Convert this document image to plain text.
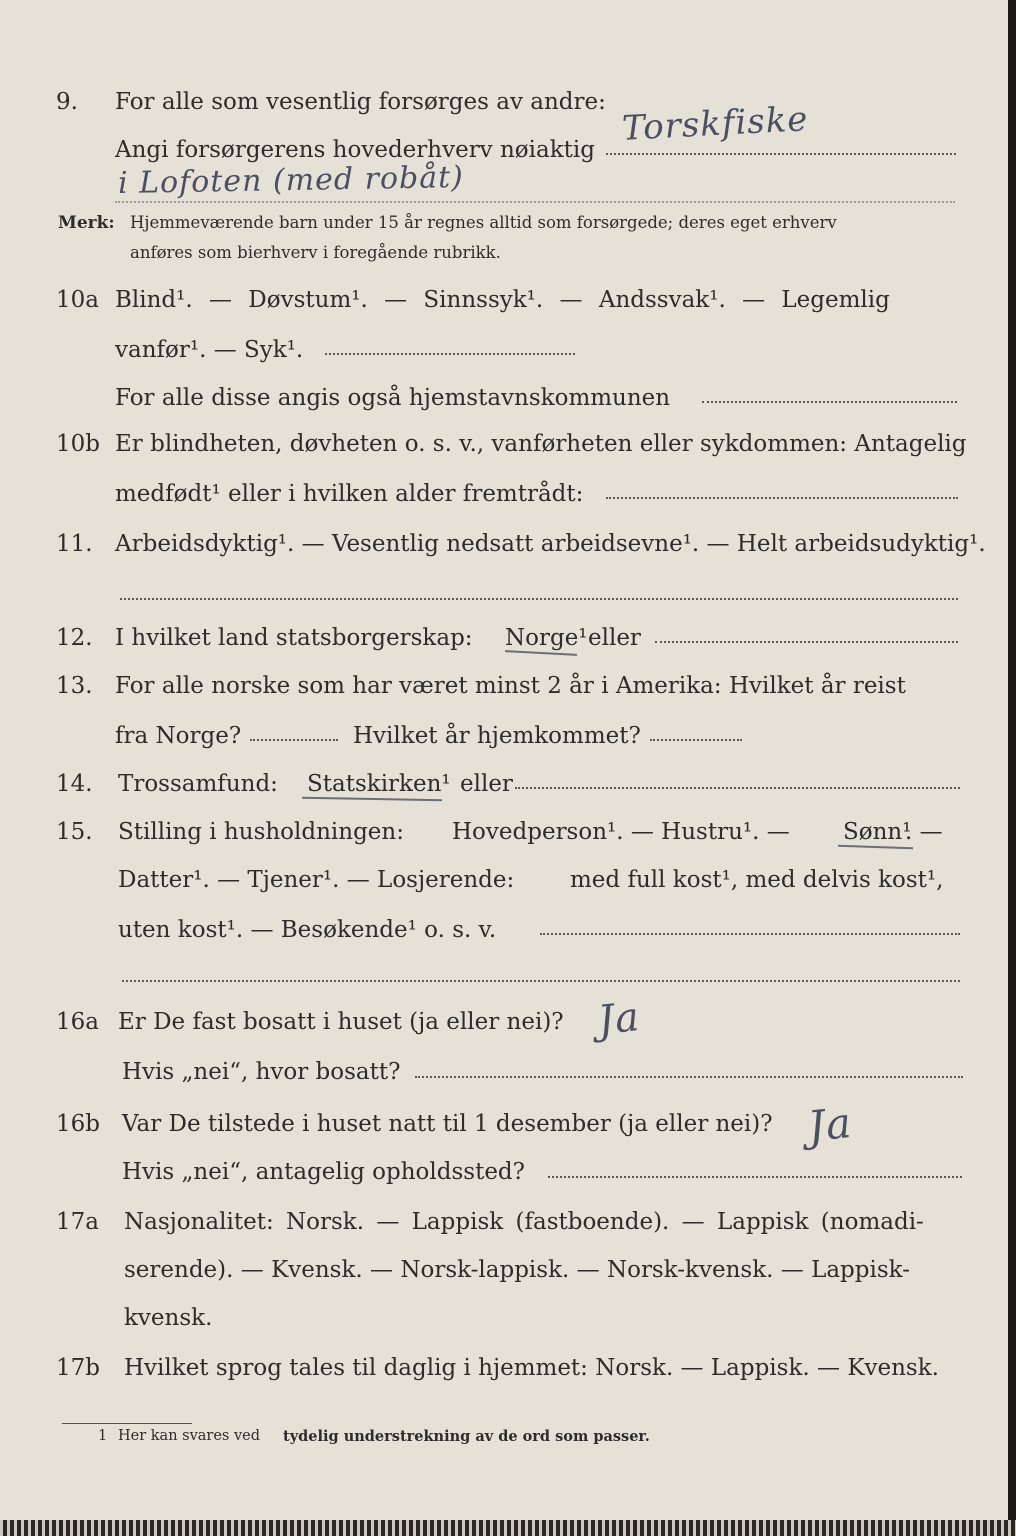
9. For alle som vesentlig forsørges av andre: Torskfiske
Angi forsørgerens hovederhverv nøiaktig
i Lofoten (med robåt)
Merk: Hjemmeværende barn under 15 år regnes alltid som forsørgede; deres eget erhverv
anføres som bierhverv i foregående rubrikk.
10a Blind¹. — Døvstum¹. — Sinnssyk¹. — Andssvak¹. — Legemlig
vanfør¹. — Syk¹.
For alle disse angis også hjemstavnskommunen
10b Er blindheten, døvheten o. s. v., vanførheten eller sykdommen: Antagelig
medfødt¹ eller i hvilken alder fremtrådt:
11. Arbeidsdyktig¹. — Vesentlig nedsatt arbeidsevne¹. — Helt arbeidsudyktig¹.
12. I hvilket land statsborgerskap: Norge¹ eller
13. For alle norske som har været minst 2 år i Amerika: Hvilket år reist
fra Norge?	Hvilket år hjemkommet?
14. Trossamfund: Statskirken¹ eller
15. Stilling i husholdningen: Hovedperson¹. — Hustru¹. — Sønn¹
. —
Datter¹. — Tjener¹. — Losjerende: med full kost¹, med delvis kost¹,
uten kost¹. — Besøkende¹ o. s. v.
16a Er De fast bosatt i huset (ja eller nei)? Ja
Hvis „nei“, hvor bosatt?
16b Var De tilstede i huset natt til 1 desember (ja eller nei)? Ja
Hvis „nei“, antagelig opholdssted?
17a Nasjonalitet: Norsk. — Lappisk (fastboende). — Lappisk (nomadi-
serende). — Kvensk. — Norsk-lappisk. — Norsk-kvensk. — Lappisk-
kvensk.
17b Hvilket sprog tales til daglig i hjemmet: Norsk. — Lappisk. — Kvensk.
1 Her kan svares ved tydelig understrekning av de ord som passer.
